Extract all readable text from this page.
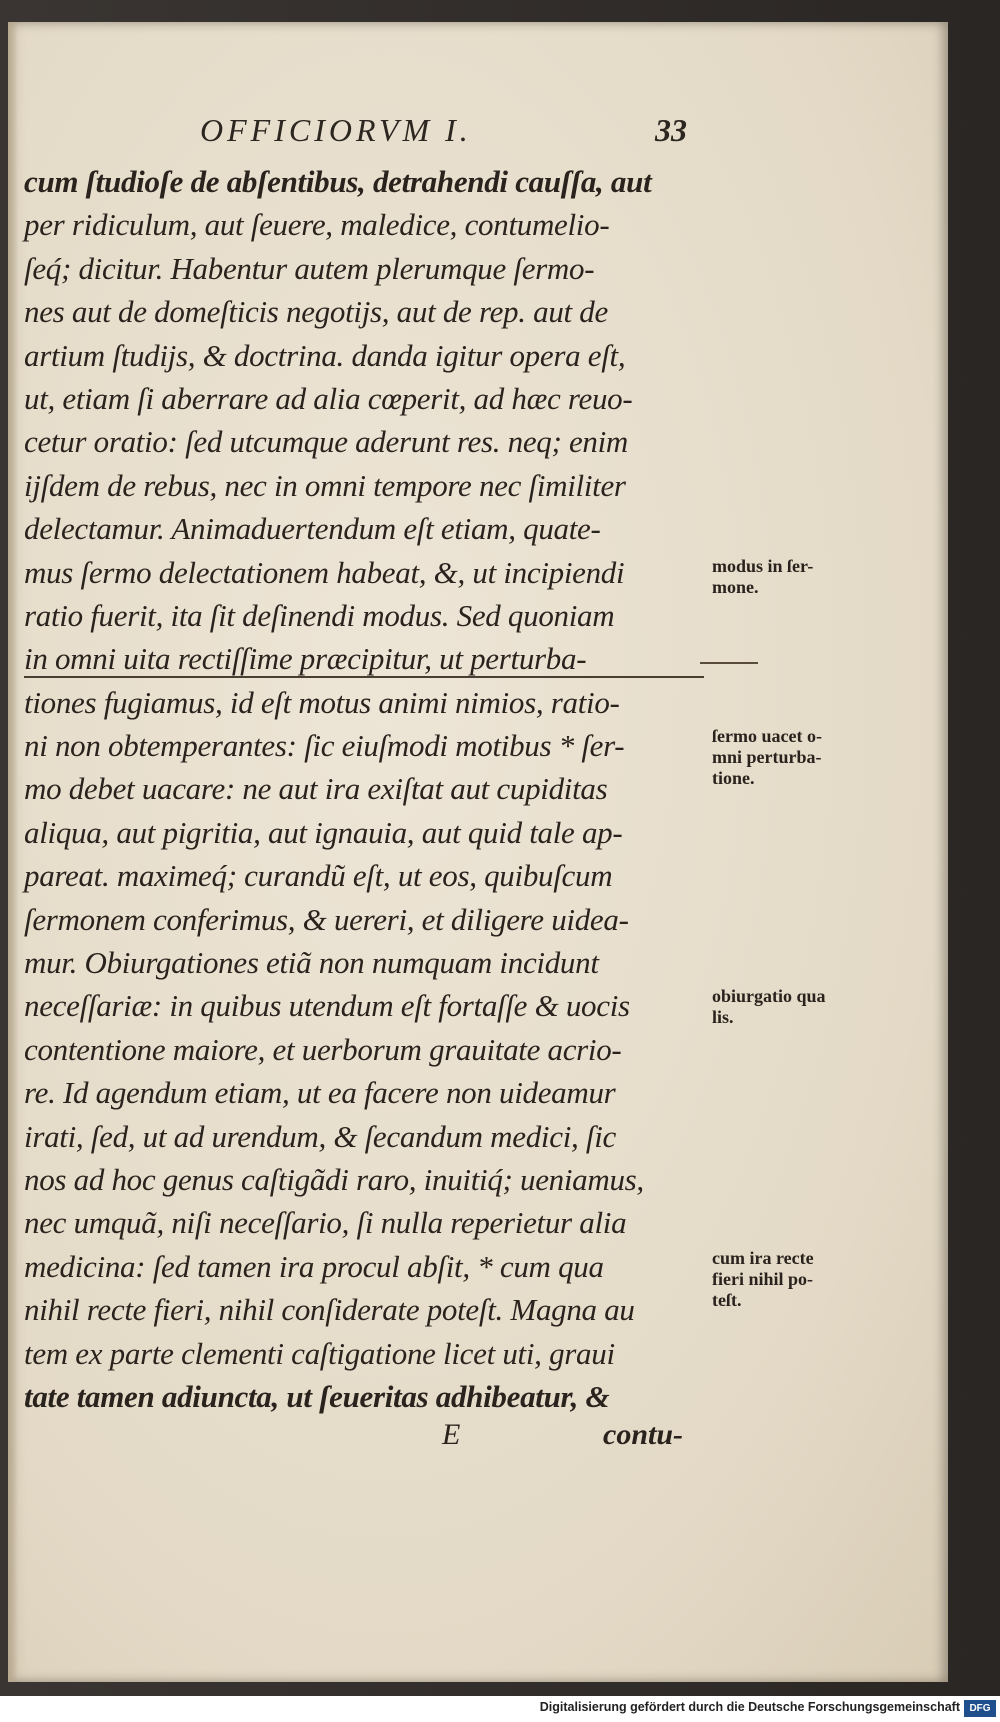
OFFICIORVM I.	33
cum ſtudioſe de abſentibus, detrahendi cauſſa, aut
per ridiculum, aut ſeuere, maledice, contumelio-
ſeq́; dicitur. Habentur autem plerumque ſermo-
nes aut de domeſticis negotijs, aut de rep. aut de
artium ſtudijs, & doctrina. danda igitur opera eſt,
ut, etiam ſi aberrare ad alia cœperit, ad hæc reuo-
cetur oratio: ſed utcumque aderunt res. neq; enim
ijſdem de rebus, nec in omni tempore nec ſimiliter
delectamur. Animaduertendum eſt etiam, quate-
mus ſermo delectationem habeat, &, ut incipiendi
ratio fuerit, ita ſit deſinendi modus. Sed quoniam
in omni uita rectiſſime præcipitur, ut perturba-
tiones fugiamus, id eſt motus animi nimios, ratio-
ni non obtemperantes: ſic eiuſmodi motibus * ſer-
mo debet uacare: ne aut ira exiſtat aut cupiditas
aliqua, aut pigritia, aut ignauia, aut quid tale ap-
pareat. maximeq́; curandũ eſt, ut eos, quibuſcum
ſermonem conferimus, & uereri, et diligere uidea-
mur. Obiurgationes etiã non numquam incidunt
neceſſariæ: in quibus utendum eſt fortaſſe & uocis
contentione maiore, et uerborum grauitate acrio-
re. Id agendum etiam, ut ea facere non uideamur
irati, ſed, ut ad urendum, & ſecandum medici, ſic
nos ad hoc genus caſtigãdi raro, inuitiq́; ueniamus,
nec umquã, niſi neceſſario, ſi nulla reperietur alia
medicina: ſed tamen ira procul abſit, * cum qua
nihil recte fieri, nihil conſiderate poteſt. Magna au
tem ex parte clementi caſtigatione licet uti, graui
tate tamen adiuncta, ut ſeueritas adhibeatur, &
modus in ſer-
mone.
ſermo uacet o-
mni perturba-
tione.
obiurgatio qua
lis.
cum ira recte
fieri nihil po-
teſt.
E	contu-
Digitalisierung gefördert durch die Deutsche Forschungsgemeinschaft DFG
